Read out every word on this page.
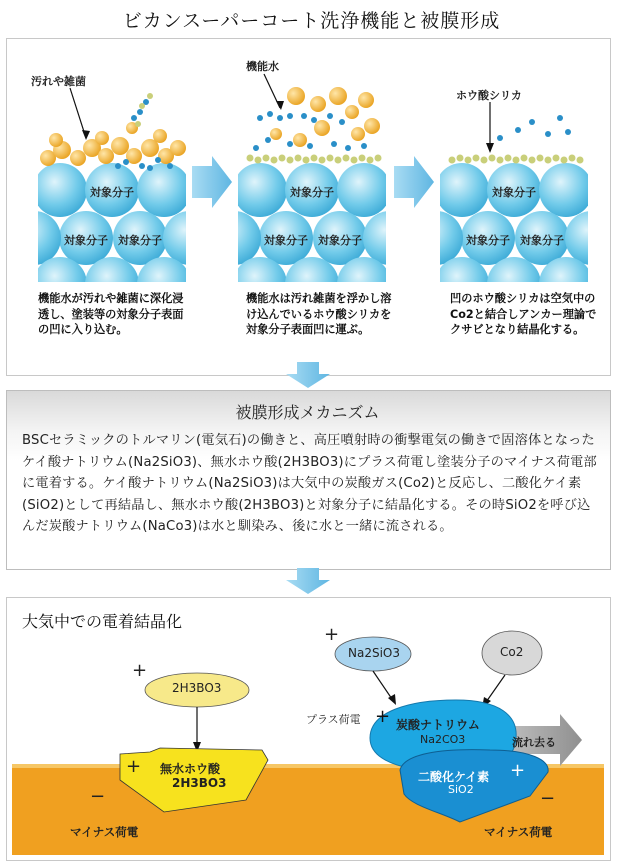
ビカンスーパーコート洗浄機能と被膜形成
汚れや雑菌
機能水
ホウ酸シリカ
対象分子
対象分子 対象分子
対象分子
対象分子 対象分子
対象分子
対象分子 対象分子
機能水が汚れや雑菌に深化浸透し、塗装等の対象分子表面の凹に入り込む。
機能水は汚れ雑菌を浮かし溶け込んでいるホウ酸シリカを対象分子表面凹に運ぶ。
凹のホウ酸シリカは空気中のCo2と結合しアンカー理論でクサビとなり結晶化する。
被膜形成メカニズム
BSCセラミックのトルマリン(電気石)の働きと、高圧噴射時の衝撃電気の働きで固溶体となったケイ酸ナトリウム(Na2SiO3)、無水ホウ酸(2H3BO3)にプラス荷電し塗装分子のマイナス荷電部に電着する。ケイ酸ナトリウム(Na2SiO3)は大気中の炭酸ガス(Co2)と反応し、二酸化ケイ素(SiO2)として再結晶し、無水ホウ酸(2H3BO3)と対象分子に結晶化する。その時SiO2を呼び込んだ炭酸ナトリウム(NaCo3)は水と馴染み、後に水と一緒に流される。
大気中での電着結晶化
+
2H3BO3
+ 無水ホウ酸
2H3BO3
−
マイナス荷電
+
Na2SiO3	Co2
プラス荷電 + 炭酸ナトリウム
Na2CO3	流れ去る
二酸化ケイ素
SiO2
+
−
マイナス荷電
